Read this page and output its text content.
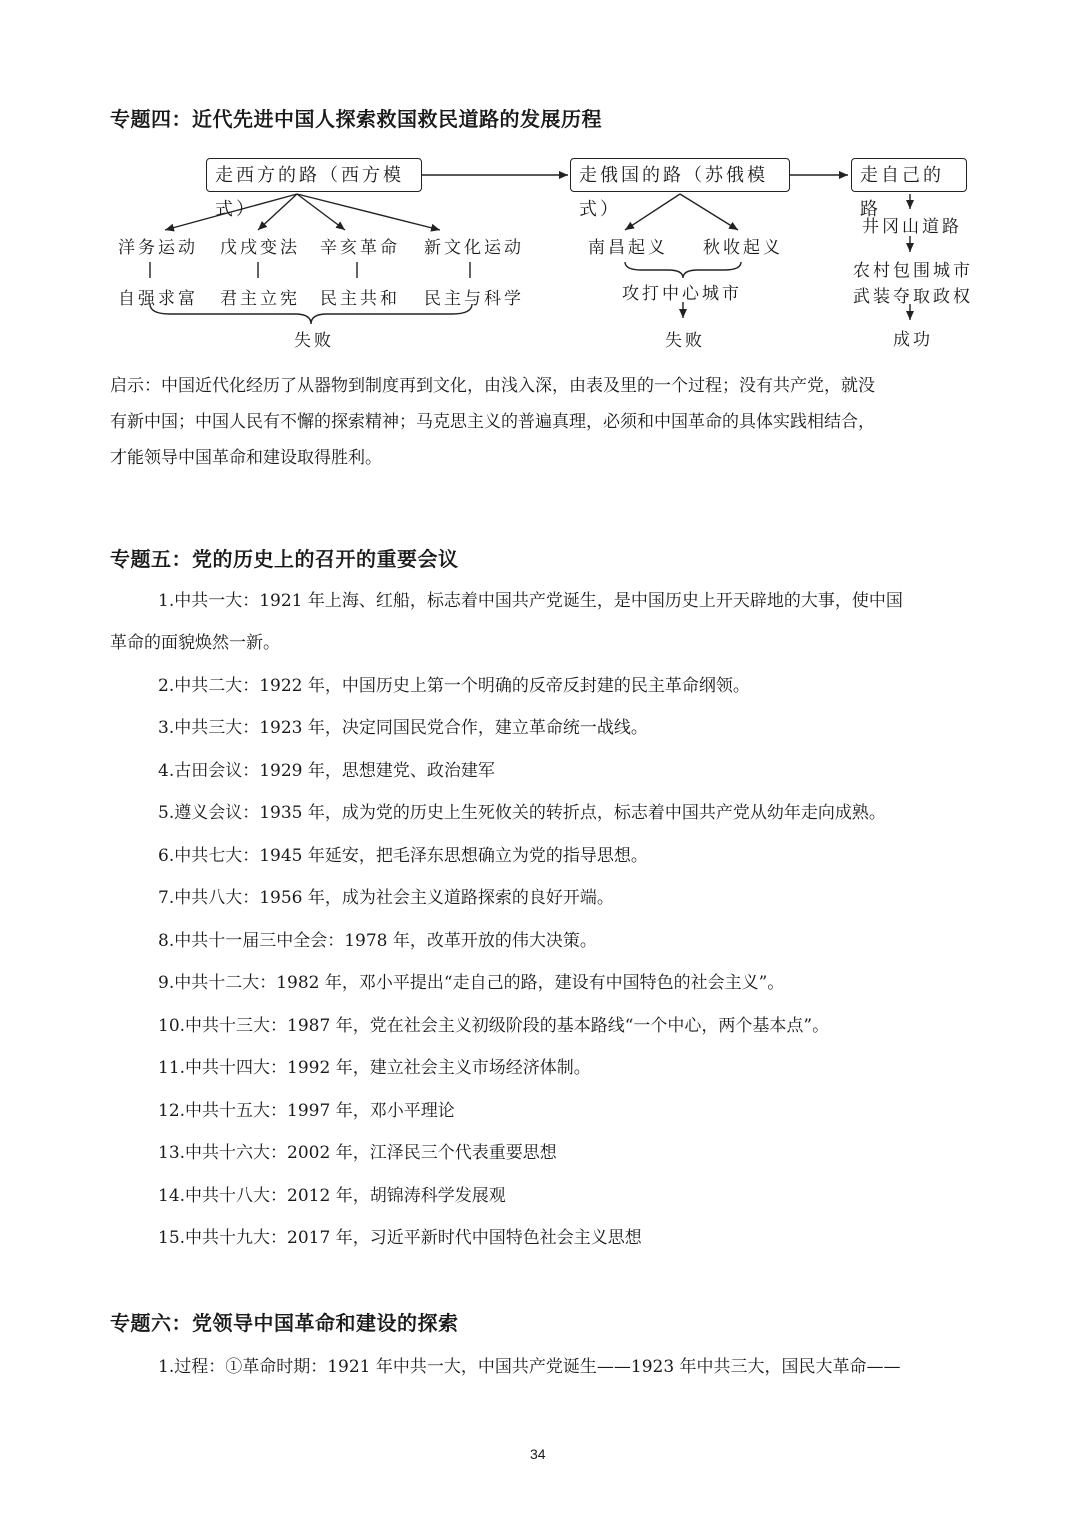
专题四：近代先进中国人探索救国救民道路的发展历程
走西方的路（西方模式）
走俄国的路（苏俄模式）
走自己的路
洋务运动 戊戌变法 辛亥革命 新文化运动
自强求富 君主立宪 民主共和 民主与科学
失败
南昌起义 秋收起义
攻打中心城市
失败
井冈山道路
农村包围城市
武装夺取政权
成功
启示：中国近代化经历了从器物到制度再到文化，由浅入深，由表及里的一个过程；没有共产党，就没
有新中国；中国人民有不懈的探索精神；马克思主义的普遍真理，必须和中国革命的具体实践相结合，
才能领导中国革命和建设取得胜利。
专题五：党的历史上的召开的重要会议
1.中共一大：1921 年上海、红船，标志着中国共产党诞生，是中国历史上开天辟地的大事，使中国
革命的面貌焕然一新。
2.中共二大：1922 年，中国历史上第一个明确的反帝反封建的民主革命纲领。
3.中共三大：1923 年，决定同国民党合作，建立革命统一战线。
4.古田会议：1929 年，思想建党、政治建军
5.遵义会议：1935 年，成为党的历史上生死攸关的转折点，标志着中国共产党从幼年走向成熟。
6.中共七大：1945 年延安，把毛泽东思想确立为党的指导思想。
7.中共八大：1956 年，成为社会主义道路探索的良好开端。
8.中共十一届三中全会：1978 年，改革开放的伟大决策。
9.中共十二大：1982 年，邓小平提出“走自己的路，建设有中国特色的社会主义”。
10.中共十三大：1987 年，党在社会主义初级阶段的基本路线“一个中心，两个基本点”。
11.中共十四大：1992 年，建立社会主义市场经济体制。
12.中共十五大：1997 年，邓小平理论
13.中共十六大：2002 年，江泽民三个代表重要思想
14.中共十八大：2012 年，胡锦涛科学发展观
15.中共十九大：2017 年，习近平新时代中国特色社会主义思想
专题六：党领导中国革命和建设的探索
1.过程：①革命时期：1921 年中共一大，中国共产党诞生——1923 年中共三大，国民大革命——
34
